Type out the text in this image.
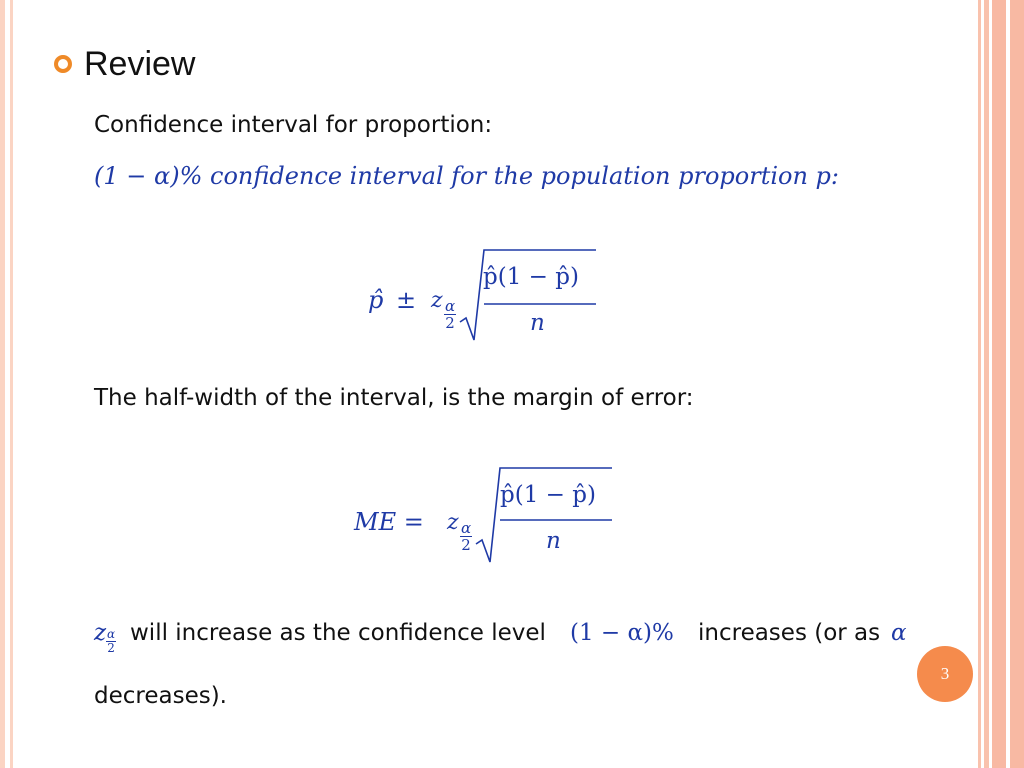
Review
Confidence interval for proportion:
(1 − α)% confidence interval for the population proportion p:
p̂ ± z $\frac{\alpha}{2}$
p̂(1 − p̂)
n
The half-width of the interval, is the margin of error:
ME = z $\frac{\alpha}{2}$
p̂(1 − p̂)
n
z $\frac{\alpha}{2}$ will increase as the confidence level (1 − α)% increases (or as α
decreases).
3
